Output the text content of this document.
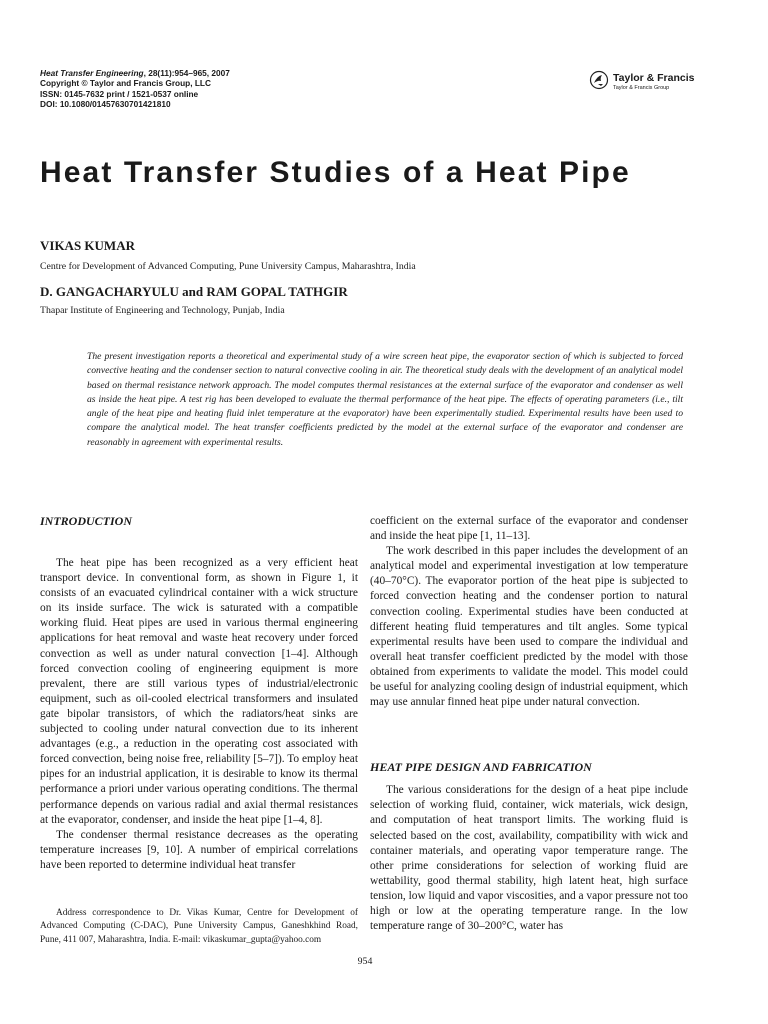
Heat Transfer Engineering, 28(11):954–965, 2007
Copyright © Taylor and Francis Group, LLC
ISSN: 0145-7632 print / 1521-0537 online
DOI: 10.1080/01457630701421810
Taylor & Francis
Taylor & Francis Group
Heat Transfer Studies of a Heat Pipe
VIKAS KUMAR
Centre for Development of Advanced Computing, Pune University Campus, Maharashtra, India
D. GANGACHARYULU and RAM GOPAL TATHGIR
Thapar Institute of Engineering and Technology, Punjab, India
The present investigation reports a theoretical and experimental study of a wire screen heat pipe, the evaporator section of which is subjected to forced convective heating and the condenser section to natural convective cooling in air. The theoretical study deals with the development of an analytical model based on thermal resistance network approach. The model computes thermal resistances at the external surface of the evaporator and condenser as well as inside the heat pipe. A test rig has been developed to evaluate the thermal performance of the heat pipe. The effects of operating parameters (i.e., tilt angle of the heat pipe and heating fluid inlet temperature at the evaporator) have been experimentally studied. Experimental results have been used to compare the analytical model. The heat transfer coefficients predicted by the model at the external surface of the evaporator and condenser are reasonably in agreement with experimental results.
INTRODUCTION
HEAT PIPE DESIGN AND FABRICATION

The heat pipe has been recognized as a very efficient heat transport device. In conventional form, as shown in Figure 1, it consists of an evacuated cylindrical container with a wick structure on its inside surface. The wick is saturated with a compatible working fluid. Heat pipes are used in various thermal engineering applications for heat removal and waste heat recovery under forced convection as well as under natural convection [1–4]. Although forced convection cooling of engineering equipment is more prevalent, there are still various types of industrial/electronic equipment, such as oil-cooled electrical transformers and insulated gate bipolar transistors, of which the radiators/heat sinks are subjected to cooling under natural convection due to its inherent advantages (e.g., a reduction in the operating cost associated with forced convection, being noise free, reliability [5–7]). To employ heat pipes for an industrial application, it is desirable to know its thermal performance a priori under various operating conditions. The thermal performance depends on various radial and axial thermal resistances at the evaporator, condenser, and inside the heat pipe [1–4, 8].

The condenser thermal resistance decreases as the operating temperature increases [9, 10]. A number of empirical correlations have been reported to determine individual heat transfer

coefficient on the external surface of the evaporator and condenser and inside the heat pipe [1, 11–13].

The work described in this paper includes the development of an analytical model and experimental investigation at low temperature (40–70°C). The evaporator portion of the heat pipe is subjected to forced convection heating and the condenser portion to natural convection cooling. Experimental studies have been conducted at different heating fluid temperatures and tilt angles. Some typical experimental results have been used to compare the individual and overall heat transfer coefficient predicted by the model with those obtained from experiments to validate the model. This model could be useful for analyzing cooling design of industrial equipment, which may use annular finned heat pipe under natural convection.

The various considerations for the design of a heat pipe include selection of working fluid, container, wick materials, wick design, and computation of heat transport limits. The working fluid is selected based on the cost, availability, compatibility with wick and container materials, and operating vapor temperature range. The other prime considerations for selection of working fluid are wettability, good thermal stability, high latent heat, high surface tension, low liquid and vapor viscosities, and a vapor pressure not too high or low at the operating temperature range. In the low temperature range of 30–200°C, water has

Address correspondence to Dr. Vikas Kumar, Centre for Development of Advanced Computing (C-DAC), Pune University Campus, Ganeshkhind Road, Pune, 411 007, Maharashtra, India. E-mail: vikaskumar_gupta@yahoo.com
954
